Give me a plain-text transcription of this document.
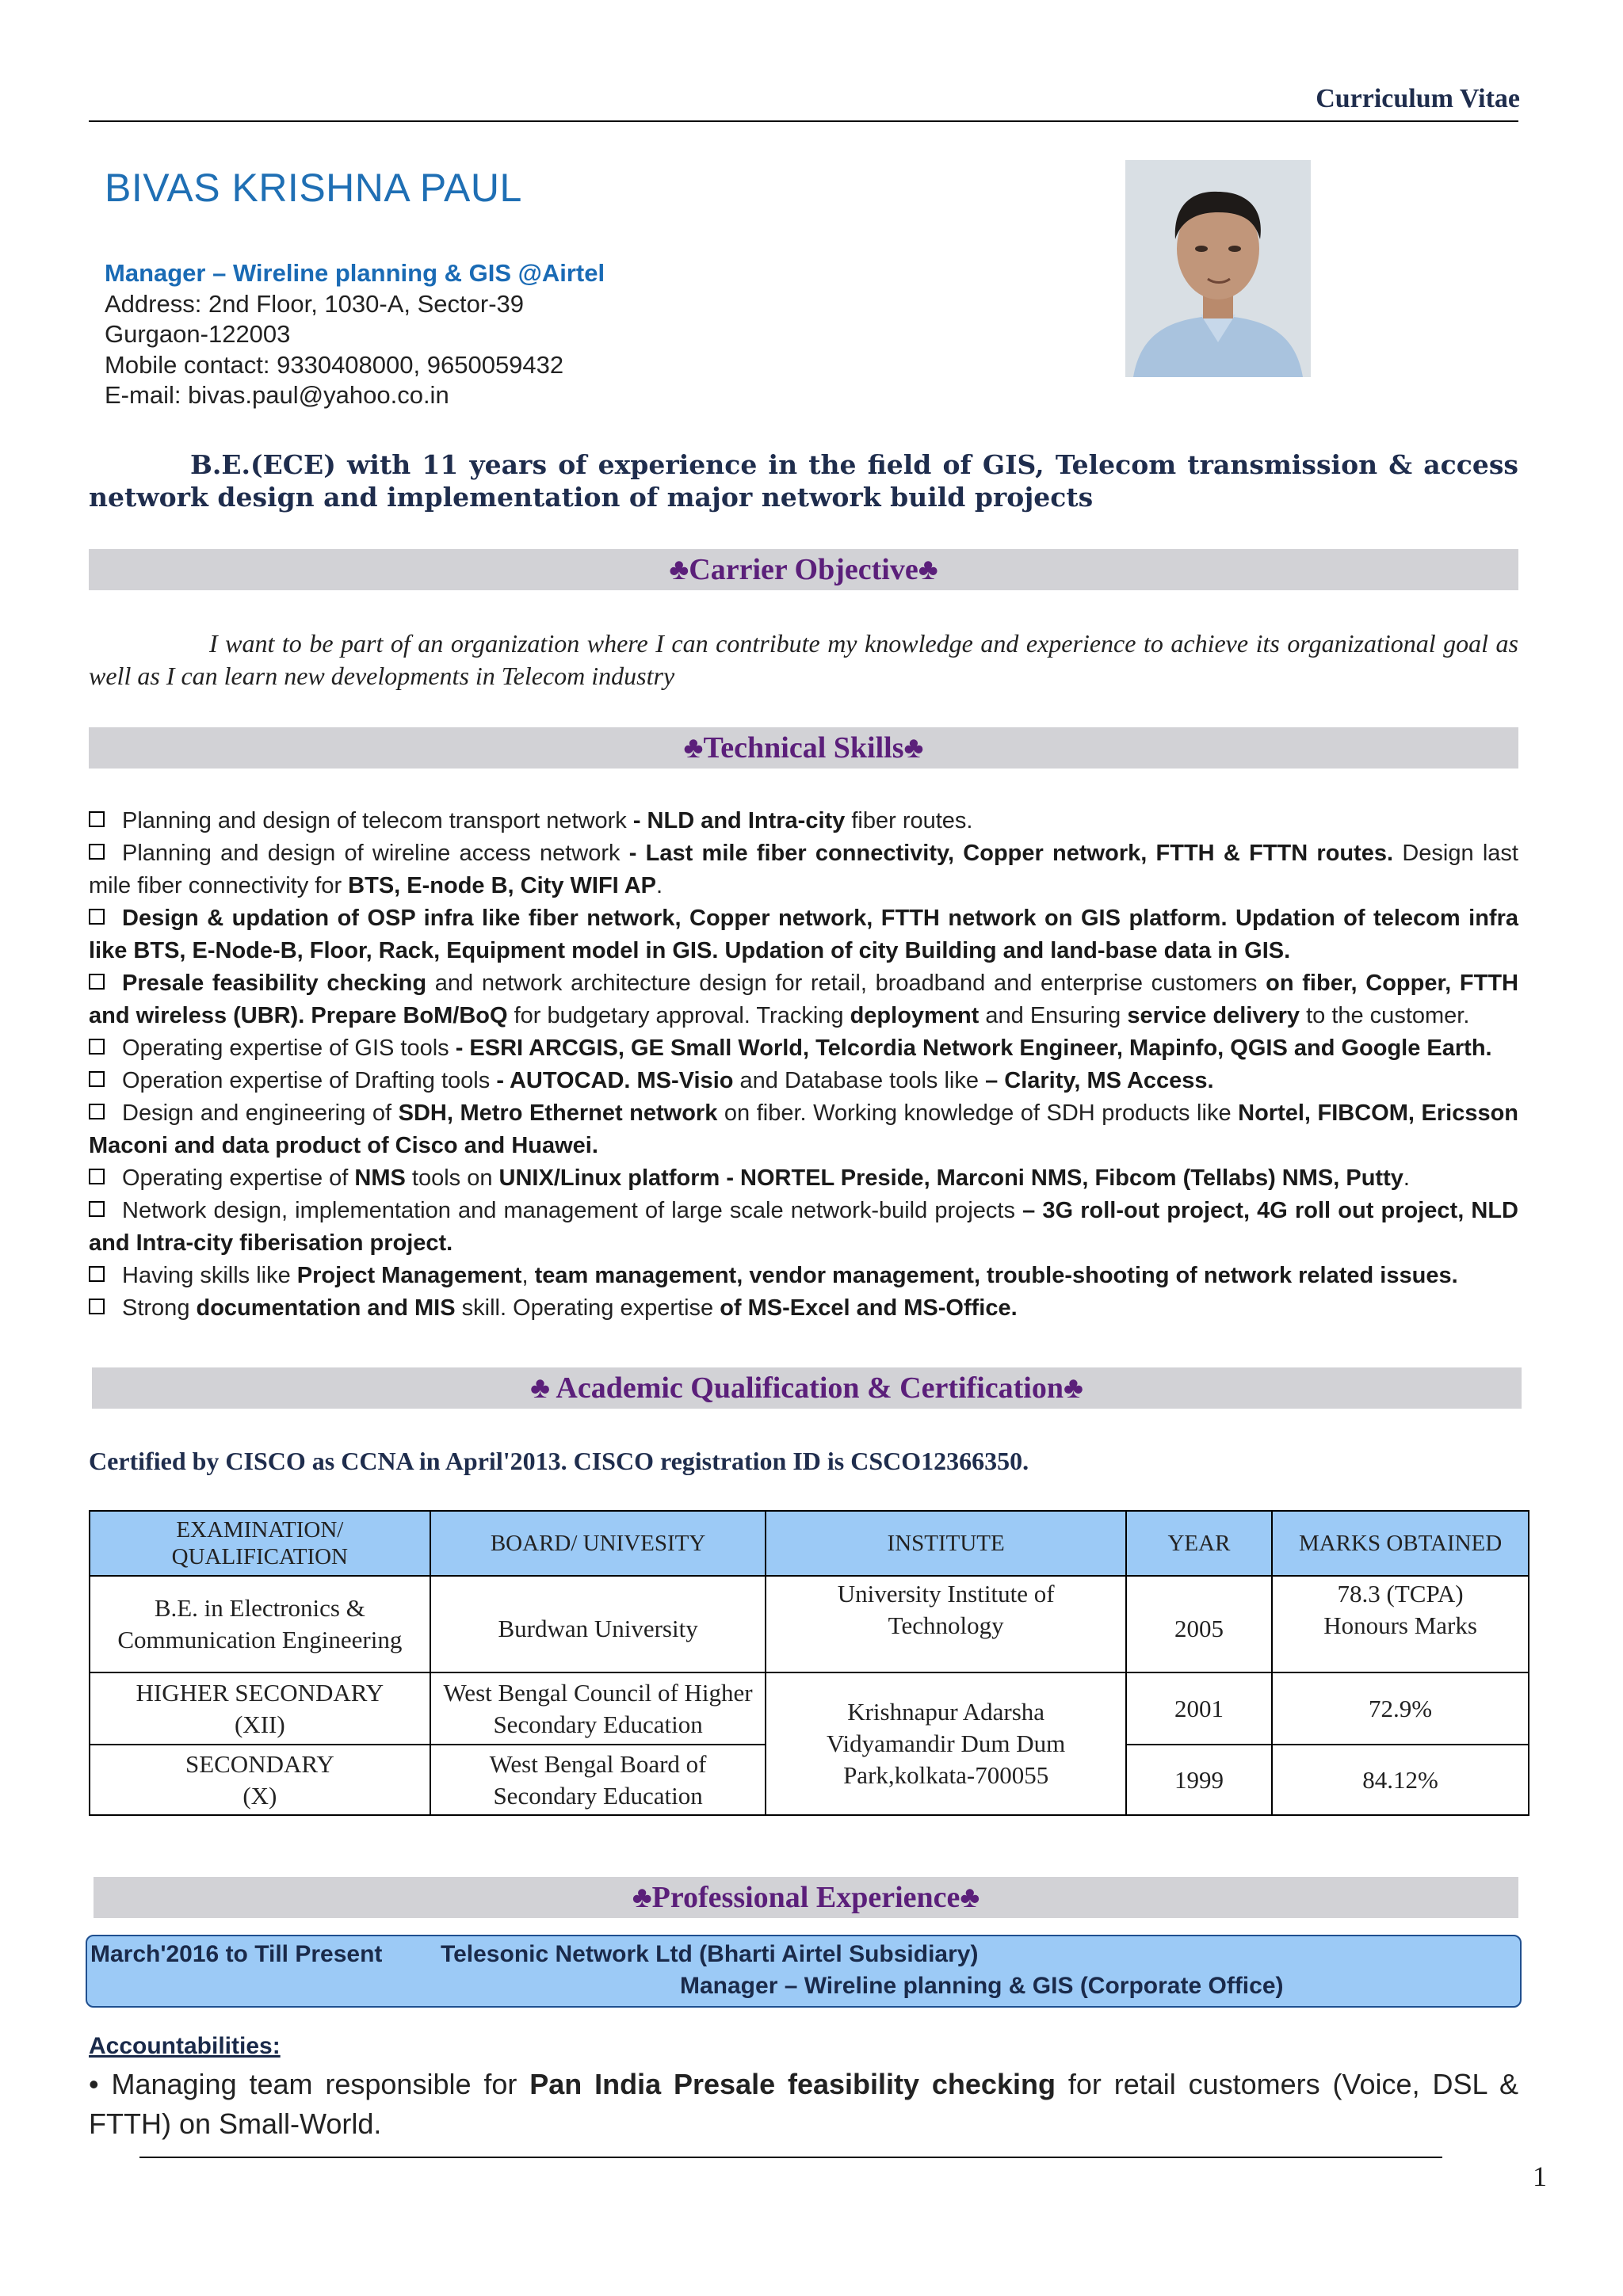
Curriculum Vitae
BIVAS KRISHNA PAUL
Manager – Wireline planning & GIS @Airtel
Address: 2nd Floor, 1030-A, Sector-39
Gurgaon-122003
Mobile contact: 9330408000, 9650059432
E-mail: bivas.paul@yahoo.co.in
B.E.(ECE) with 11 years of experience in the field of GIS, Telecom transmission & access network design and implementation of major network build projects
♣Carrier Objective♣
I want to be part of an organization where I can contribute my knowledge and experience to achieve its organizational goal as well as I can learn new developments in Telecom industry
♣Technical Skills♣
Planning and design of telecom transport network - NLD and Intra-city fiber routes.
Planning and design of wireline access network - Last mile fiber connectivity, Copper network, FTTH & FTTN routes. Design last mile fiber connectivity for BTS, E-node B, City WIFI AP.
Design & updation of OSP infra like fiber network, Copper network, FTTH network on GIS platform. Updation of telecom infra like BTS, E-Node-B, Floor, Rack, Equipment model in GIS. Updation of city Building and land-base data in GIS.
Presale feasibility checking and network architecture design for retail, broadband and enterprise customers on fiber, Copper, FTTH and wireless (UBR). Prepare BoM/BoQ for budgetary approval. Tracking deployment and Ensuring service delivery to the customer.
Operating expertise of GIS tools - ESRI ARCGIS, GE Small World, Telcordia Network Engineer, Mapinfo, QGIS and Google Earth.
Operation expertise of Drafting tools - AUTOCAD. MS-Visio and Database tools like – Clarity, MS Access.
Design and engineering of SDH, Metro Ethernet network on fiber. Working knowledge of SDH products like Nortel, FIBCOM, Ericsson Maconi and data product of Cisco and Huawei.
Operating expertise of NMS tools on UNIX/Linux platform - NORTEL Preside, Marconi NMS, Fibcom (Tellabs) NMS, Putty.
Network design, implementation and management of large scale network-build projects – 3G roll-out project, 4G roll out project, NLD and Intra-city fiberisation project.
Having skills like Project Management, team management, vendor management, trouble-shooting of network related issues.
Strong documentation and MIS skill. Operating expertise of MS-Excel and MS-Office.
♣ Academic Qualification & Certification♣
Certified by CISCO as CCNA in April'2013. CISCO registration ID is CSCO12366350.
EXAMINATION/ QUALIFICATION	BOARD/ UNIVESITY	INSTITUTE	YEAR	MARKS OBTAINED
B.E. in Electronics & Communication Engineering	Burdwan University	University Institute of Technology	2005	78.3 (TCPA) Honours Marks
HIGHER SECONDARY (XII)	West Bengal Council of Higher Secondary Education	Krishnapur Adarsha Vidyamandir Dum Dum Park,kolkata-700055	2001	72.9%
SECONDARY (X)	West Bengal Board of Secondary Education		1999	84.12%
♣Professional Experience♣
March'2016 to Till Present Telesonic Network Ltd (Bharti Airtel Subsidiary)
Manager – Wireline planning & GIS (Corporate Office)
Accountabilities:
• Managing team responsible for Pan India Presale feasibility checking for retail customers (Voice, DSL & FTTH) on Small-World.
1
